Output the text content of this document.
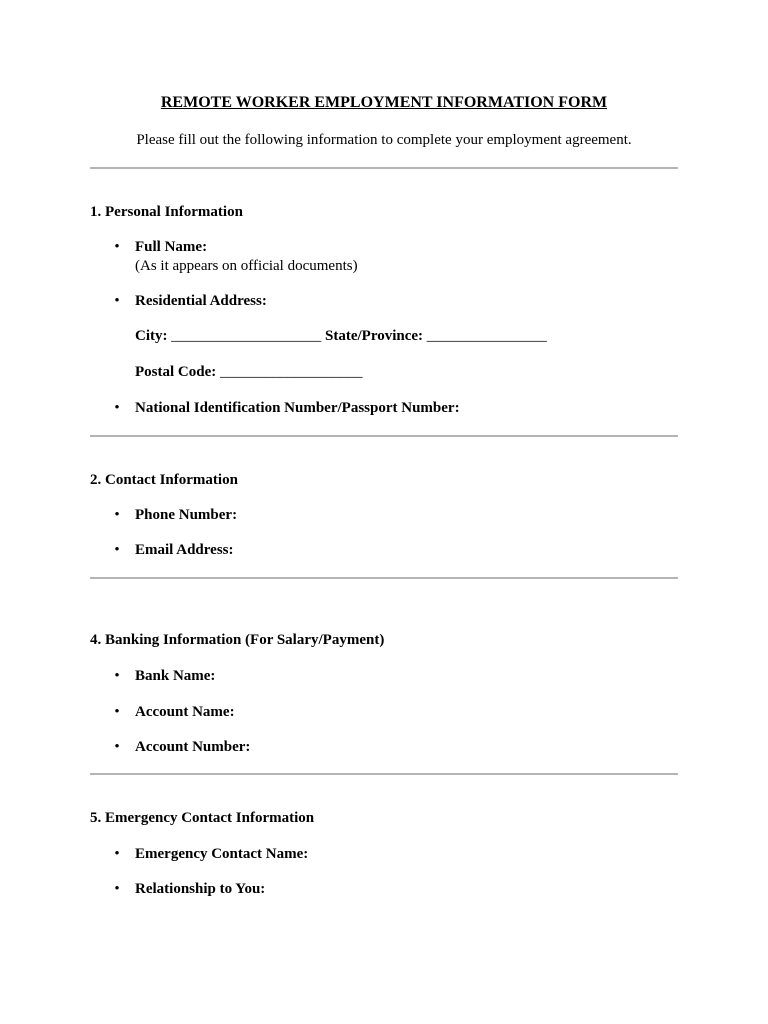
REMOTE WORKER EMPLOYMENT INFORMATION FORM

Please fill out the following information to complete your employment agreement.

1. Personal Information
• Full Name:
(As it appears on official documents)
• Residential Address:
City: ____________________ State/Province: ________________
Postal Code: ___________________
• National Identification Number/Passport Number:
2. Contact Information
• Phone Number:
• Email Address:
4. Banking Information (For Salary/Payment)
• Bank Name:
• Account Name:
• Account Number:
5. Emergency Contact Information
• Emergency Contact Name:
• Relationship to You:
